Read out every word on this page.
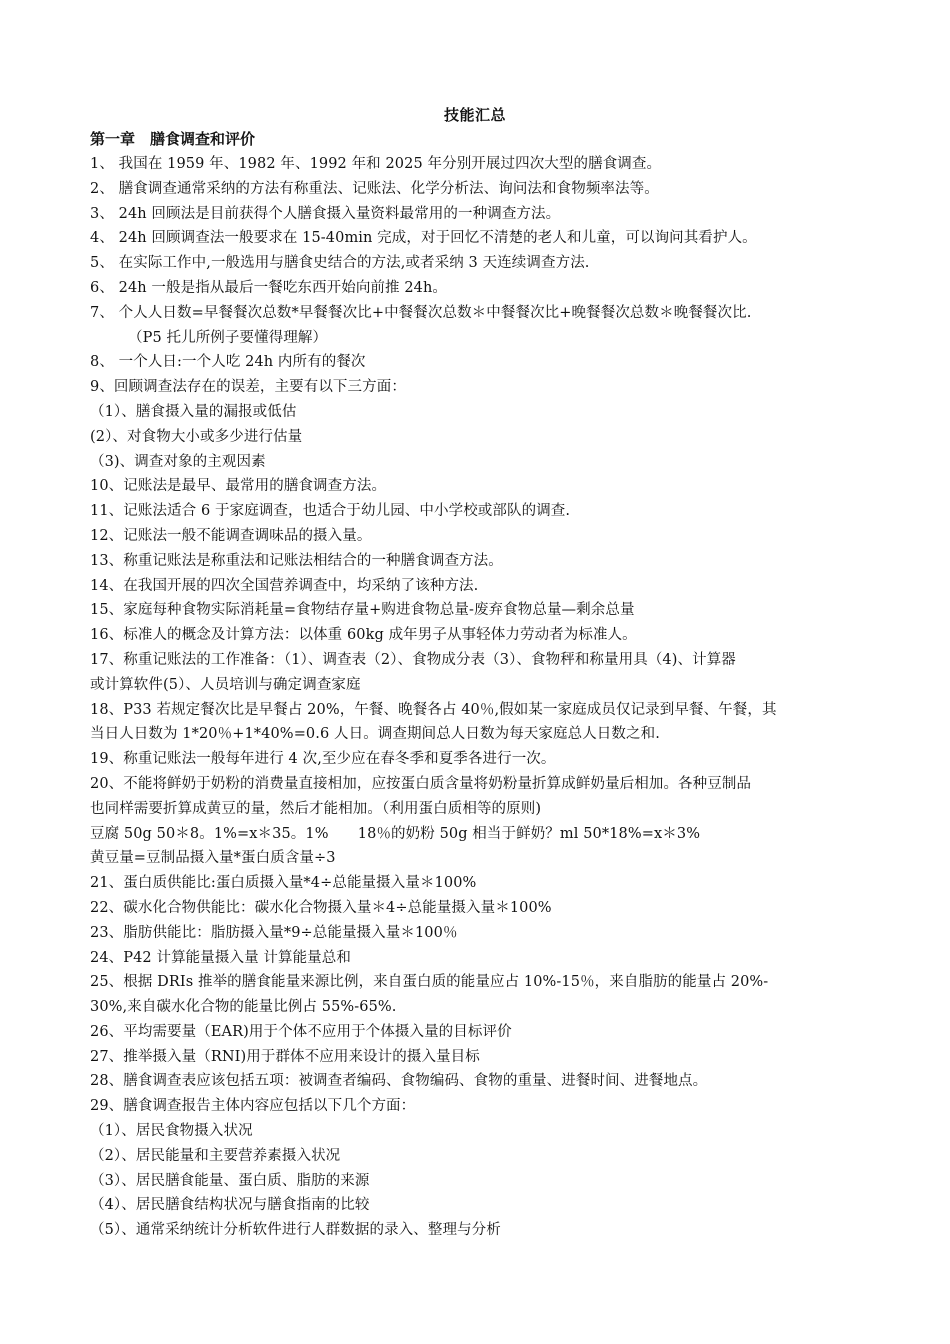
技能汇总
第一章　膳食调查和评价
1、 我国在 1959 年、1982 年、1992 年和 2025 年分别开展过四次大型的膳食调查。
2、 膳食调查通常采纳的方法有称重法、记账法、化学分析法、询问法和食物频率法等。
3、 24h 回顾法是目前获得个人膳食摄入量资料最常用的一种调查方法。
4、 24h 回顾调查法一般要求在 15-40min 完成，对于回忆不清楚的老人和儿童，可以询问其看护人。
5、 在实际工作中,一般选用与膳食史结合的方法,或者采纳 3 天连续调查方法.
6、 24h 一般是指从最后一餐吃东西开始向前推 24h。
7、 个人人日数=早餐餐次总数*早餐餐次比+中餐餐次总数＊中餐餐次比+晚餐餐次总数＊晚餐餐次比.
（P5 托儿所例子要懂得理解）
8、 一个人日:一个人吃 24h 内所有的餐次
9、回顾调查法存在的误差，主要有以下三方面：
（1）、膳食摄入量的漏报或低估
(2）、对食物大小或多少进行估量
（3)、调查对象的主观因素
10、记账法是最早、最常用的膳食调查方法。
11、记账法适合 6 于家庭调查，也适合于幼儿园、中小学校或部队的调查.
12、记账法一般不能调查调味品的摄入量。
13、称重记账法是称重法和记账法相结合的一种膳食调查方法。
14、在我国开展的四次全国营养调查中，均采纳了该种方法.
15、家庭每种食物实际消耗量=食物结存量+购进食物总量-废弃食物总量—剩余总量
16、标准人的概念及计算方法：以体重 60kg 成年男子从事轻体力劳动者为标准人。
17、称重记账法的工作准备：（1）、调查表（2）、食物成分表（3）、食物秤和称量用具（4)、计算器
或计算软件(5）、人员培训与确定调查家庭
18、P33 若规定餐次比是早餐占 20%，午餐、晚餐各占 40％,假如某一家庭成员仅记录到早餐、午餐，其
当日人日数为 1*20％+1*40%=0.6 人日。调查期间总人日数为每天家庭总人日数之和.
19、称重记账法一般每年进行 4 次,至少应在春冬季和夏季各进行一次。
20、不能将鲜奶于奶粉的消费量直接相加，应按蛋白质含量将奶粉量折算成鲜奶量后相加。各种豆制品
也同样需要折算成黄豆的量，然后才能相加。（利用蛋白质相等的原则)
豆腐 50g 50＊8。1%=x＊35。1%　　18％的奶粉 50g 相当于鲜奶？ml 50*18%=x＊3%
黄豆量=豆制品摄入量*蛋白质含量÷3
21、蛋白质供能比:蛋白质摄入量*4÷总能量摄入量＊100%
22、碳水化合物供能比：碳水化合物摄入量＊4÷总能量摄入量＊100%
23、脂肪供能比：脂肪摄入量*9÷总能量摄入量＊100％
24、P42 计算能量摄入量 计算能量总和
25、根据 DRIs 推举的膳食能量来源比例，来自蛋白质的能量应占 10%-15％，来自脂肪的能量占 20%-
30%,来自碳水化合物的能量比例占 55%-65%.
26、平均需要量（EAR)用于个体不应用于个体摄入量的目标评价
27、推举摄入量（RNI)用于群体不应用来设计的摄入量目标
28、膳食调查表应该包括五项：被调查者编码、食物编码、食物的重量、进餐时间、进餐地点。
29、膳食调查报告主体内容应包括以下几个方面：
（1）、居民食物摄入状况
（2）、居民能量和主要营养素摄入状况
（3）、居民膳食能量、蛋白质、脂肪的来源
（4）、居民膳食结构状况与膳食指南的比较
（5）、通常采纳统计分析软件进行人群数据的录入、整理与分析
